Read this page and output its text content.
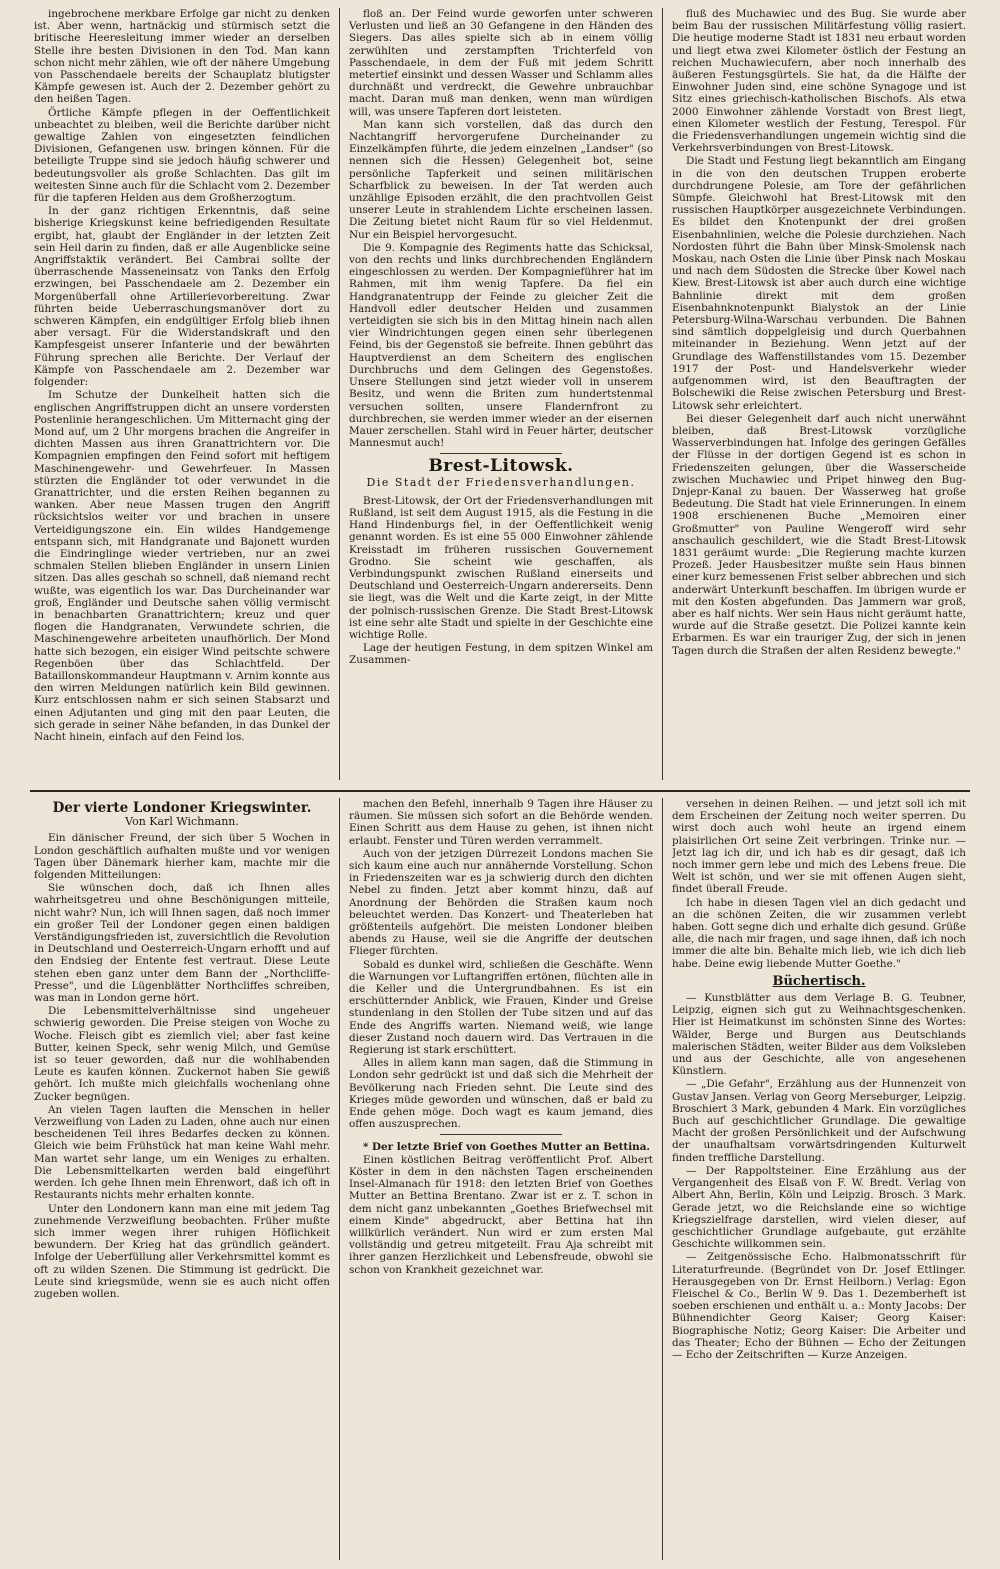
ingebrochene merkbare Erfolge gar nicht zu denken ist. Aber wenn, hartnäckig und stürmisch setzt die britische Heeresleitung immer wieder an derselben Stelle ihre besten Divisionen in den Tod. Man kann schon nicht mehr zählen, wie oft der nähere Umgebung von Passchendaele bereits der Schauplatz blutigster Kämpfe gewesen ist. Auch der 2. Dezember gehört zu den heißen Tagen.

Örtliche Kämpfe pflegen in der Oeffentlichkeit unbeachtet zu bleiben, weil die Berichte darüber nicht gewaltige Zahlen von eingesetzten feindlichen Divisionen, Gefangenen usw. bringen können. Für die beteiligte Truppe sind sie jedoch häufig schwerer und bedeutungsvoller als große Schlachten. Das gilt im weitesten Sinne auch für die Schlacht vom 2. Dezember für die tapferen Helden aus dem Großherzogtum.

In der ganz richtigen Erkenntnis, daß seine bisherige Kriegskunst keine befriedigenden Resultate ergibt, hat, glaubt der Engländer in der letzten Zeit sein Heil darin zu finden, daß er alle Augenblicke seine Angriffstaktik verändert. Bei Cambrai sollte der überraschende Masseneinsatz von Tanks den Erfolg erzwingen, bei Passchendaele am 2. Dezember ein Morgenüberfall ohne Artillerievorbereitung. Zwar führten beide Ueberraschungsmanöver dort zu schweren Kämpfen, ein endgültiger Erfolg blieb ihnen aber versagt. Für die Widerstandskraft und den Kampfesgeist unserer Infanterie und der bewährten Führung sprechen alle Berichte. Der Verlauf der Kämpfe von Passchendaele am 2. Dezember war folgender:

Im Schutze der Dunkelheit hatten sich die englischen Angriffstruppen dicht an unsere vordersten Postenlinie herangeschlichen. Um Mitternacht ging der Mond auf, um 2 Uhr morgens brachen die Angreifer in dichten Massen aus ihren Granattrichtern vor. Die Kompagnien empfingen den Feind sofort mit heftigem Maschinengewehr- und Gewehrfeuer. In Massen stürzten die Engländer tot oder verwundet in die Granattrichter, und die ersten Reihen begannen zu wanken. Aber neue Massen trugen den Angriff rücksichtslos weiter vor und brachen in unsere Verteidigungszone ein. Ein wildes Handgemenge entspann sich, mit Handgranate und Bajonett wurden die Eindringlinge wieder vertrieben, nur an zwei schmalen Stellen blieben Engländer in unsern Linien sitzen. Das alles geschah so schnell, daß niemand recht wußte, was eigentlich los war. Das Durcheinander war groß, Engländer und Deutsche sahen völlig vermischt in benachbarten Granattrichtern; kreuz und quer flogen die Handgranaten, Verwundete schrien, die Maschinengewehre arbeiteten unaufhörlich. Der Mond hatte sich bezogen, ein eisiger Wind peitschte schwere Regenböen über das Schlachtfeld. Der Bataillonskommandeur Hauptmann v. Arnim konnte aus den wirren Meldungen natürlich kein Bild gewinnen. Kurz entschlossen nahm er sich seinen Stabsarzt und einen Adjutanten und ging mit den paar Leuten, die sich gerade in seiner Nähe befanden, in das Dunkel der Nacht hinein, einfach auf den Feind los.

floß an. Der Feind wurde geworfen unter schweren Verlusten und ließ an 30 Gefangene in den Händen des Siegers. Das alles spielte sich ab in einem völlig zerwühlten und zerstampften Trichterfeld von Passchendaele, in dem der Fuß mit jedem Schritt metertief einsinkt und dessen Wasser und Schlamm alles durchnäßt und verdreckt, die Gewehre unbrauchbar macht. Daran muß man denken, wenn man würdigen will, was unsere Tapferen dort leisteten.

Man kann sich vorstellen, daß das durch den Nachtangriff hervorgerufene Durcheinander zu Einzelkämpfen führte, die jedem einzelnen „Landser" (so nennen sich die Hessen) Gelegenheit bot, seine persönliche Tapferkeit und seinen militärischen Scharfblick zu beweisen. In der Tat werden auch unzählige Episoden erzählt, die den prachtvollen Geist unserer Leute in strahlendem Lichte erscheinen lassen. Die Zeitung bietet nicht Raum für so viel Heldenmut. Nur ein Beispiel hervorgesucht.

Die 9. Kompagnie des Regiments hatte das Schicksal, von den rechts und links durchbrechenden Engländern eingeschlossen zu werden. Der Kompagnieführer hat im Rahmen, mit ihm wenig Tapfere. Da fiel ein Handgranatentrupp der Feinde zu gleicher Zeit die Handvoll edler deutscher Helden und zusammen verteidigten sie sich bis in den Mittag hinein nach allen vier Windrichtungen gegen einen sehr überlegenen Feind, bis der Gegenstoß sie befreite. Ihnen gebührt das Hauptverdienst an dem Scheitern des englischen Durchbruchs und dem Gelingen des Gegenstoßes. Unsere Stellungen sind jetzt wieder voll in unserem Besitz, und wenn die Briten zum hundertstenmal versuchen sollten, unsere Flandernfront zu durchbrechen, sie werden immer wieder an der eisernen Mauer zerschellen. Stahl wird in Feuer härter, deutscher Mannesmut auch!

Brest-Litowsk.
Die Stadt der Friedensverhandlungen.

Brest-Litowsk, der Ort der Friedensverhandlungen mit Rußland, ist seit dem August 1915, als die Festung in die Hand Hindenburgs fiel, in der Oeffentlichkeit wenig genannt worden. Es ist eine 55 000 Einwohner zählende Kreisstadt im früheren russischen Gouvernement Grodno. Sie scheint wie geschaffen, als Verbindungspunkt zwischen Rußland einerseits und Deutschland und Oesterreich-Ungarn andererseits. Denn sie liegt, was die Welt und die Karte zeigt, in der Mitte der polnisch-russischen Grenze. Die Stadt Brest-Litowsk ist eine sehr alte Stadt und spielte in der Geschichte eine wichtige Rolle.

Lage der heutigen Festung, in dem spitzen Winkel am Zusammen-

fluß des Muchawiec und des Bug. Sie wurde aber beim Bau der russischen Militärfestung völlig rasiert. Die heutige moderne Stadt ist 1831 neu erbaut worden und liegt etwa zwei Kilometer östlich der Festung an reichen Muchawiecufern, aber noch innerhalb des äußeren Festungsgürtels. Sie hat, da die Hälfte der Einwohner Juden sind, eine schöne Synagoge und ist Sitz eines griechisch-katholischen Bischofs. Als etwa 2000 Einwohner zählende Vorstadt von Brest liegt, einen Kilometer westlich der Festung, Terespol. Für die Friedensverhandlungen ungemein wichtig sind die Verkehrsverbindungen von Brest-Litowsk.

Die Stadt und Festung liegt bekanntlich am Eingang in die von den deutschen Truppen eroberte durchdrungene Polesie, am Tore der gefährlichen Sümpfe. Gleichwohl hat Brest-Litowsk mit den russischen Hauptkörper ausgezeichnete Verbindungen. Es bildet den Knotenpunkt der drei großen Eisenbahnlinien, welche die Polesie durchziehen. Nach Nordosten führt die Bahn über Minsk-Smolensk nach Moskau, nach Osten die Linie über Pinsk nach Moskau und nach dem Südosten die Strecke über Kowel nach Kiew. Brest-Litowsk ist aber auch durch eine wichtige Bahnlinie direkt mit dem großen Eisenbahnknotenpunkt Bialystok an der Linie Petersburg-Wilna-Warschau verbunden. Die Bahnen sind sämtlich doppelgleisig und durch Querbahnen miteinander in Beziehung. Wenn jetzt auf der Grundlage des Waffenstillstandes vom 15. Dezember 1917 der Post- und Handelsverkehr wieder aufgenommen wird, ist den Beauftragten der Bolschewiki die Reise zwischen Petersburg und Brest-Litowsk sehr erleichtert.

Bei dieser Gelegenheit darf auch nicht unerwähnt bleiben, daß Brest-Litowsk vorzügliche Wasserverbindungen hat. Infolge des geringen Gefälles der Flüsse in der dortigen Gegend ist es schon in Friedenszeiten gelungen, über die Wasserscheide zwischen Muchawiec und Pripet hinweg den Bug-Dnjepr-Kanal zu bauen. Der Wasserweg hat große Bedeutung. Die Stadt hat viele Erinnerungen. In einem 1908 erschienenen Buche „Memoiren einer Großmutter" von Pauline Wengeroff wird sehr anschaulich geschildert, wie die Stadt Brest-Litowsk 1831 geräumt wurde: „Die Regierung machte kurzen Prozeß. Jeder Hausbesitzer mußte sein Haus binnen einer kurz bemessenen Frist selber abbrechen und sich anderwärt Unterkunft beschaffen. Im übrigen wurde er mit den Kosten abgefunden. Das Jammern war groß, aber es half nichts. Wer sein Haus nicht geräumt hatte, wurde auf die Straße gesetzt. Die Polizei kannte kein Erbarmen. Es war ein trauriger Zug, der sich in jenen Tagen durch die Straßen der alten Residenz bewegte."

Der vierte Londoner Kriegswinter.
Von Karl Wichmann.

Ein dänischer Freund, der sich über 5 Wochen in London geschäftlich aufhalten mußte und vor wenigen Tagen über Dänemark hierher kam, machte mir die folgenden Mitteilungen:

Sie wünschen doch, daß ich Ihnen alles wahrheitsgetreu und ohne Beschönigungen mitteile, nicht wahr? Nun, ich will Ihnen sagen, daß noch immer ein großer Teil der Londoner gegen einen baldigen Verständigungsfrieden ist, zuversichtlich die Revolution in Deutschland und Oesterreich-Ungarn erhofft und auf den Endsieg der Entente fest vertraut. Diese Leute stehen eben ganz unter dem Bann der „Northcliffe-Presse", und die Lügenblätter Northcliffes schreiben, was man in London gerne hört.

Die Lebensmittelverhältnisse sind ungeheuer schwierig geworden. Die Preise steigen von Woche zu Woche. Fleisch gibt es ziemlich viel; aber fast keine Butter, keinen Speck, sehr wenig Milch, und Gemüse ist so teuer geworden, daß nur die wohlhabenden Leute es kaufen können. Zuckernot haben Sie gewiß gehört. Ich mußte mich gleichfalls wochenlang ohne Zucker begnügen.

An vielen Tagen lauften die Menschen in heller Verzweiflung von Laden zu Laden, ohne auch nur einen bescheidenen Teil ihres Bedarfes decken zu können. Gleich wie beim Frühstück hat man keine Wahl mehr. Man wartet sehr lange, um ein Weniges zu erhalten. Die Lebensmittelkarten werden bald eingeführt werden. Ich gehe Ihnen mein Ehrenwort, daß ich oft in Restaurants nichts mehr erhalten konnte.

Unter den Londonern kann man eine mit jedem Tag zunehmende Verzweiflung beobachten. Früher mußte sich immer wegen ihrer ruhigen Höflichkeit bewundern. Der Krieg hat das gründlich geändert. Infolge der Ueberfüllung aller Verkehrsmittel kommt es oft zu wilden Szenen. Die Stimmung ist gedrückt. Die Leute sind kriegsmüde, wenn sie es auch nicht offen zugeben wollen.

machen den Befehl, innerhalb 9 Tagen ihre Häuser zu räumen. Sie müssen sich sofort an die Behörde wenden. Einen Schritt aus dem Hause zu gehen, ist ihnen nicht erlaubt. Fenster und Türen werden verrammelt.

Auch von der jetzigen Dürrezeit Londons machen Sie sich kaum eine auch nur annähernde Vorstellung. Schon in Friedenszeiten war es ja schwierig durch den dichten Nebel zu finden. Jetzt aber kommt hinzu, daß auf Anordnung der Behörden die Straßen kaum noch beleuchtet werden. Das Konzert- und Theaterleben hat größtenteils aufgehört. Die meisten Londoner bleiben abends zu Hause, weil sie die Angriffe der deutschen Flieger fürchten.

Sobald es dunkel wird, schließen die Geschäfte. Wenn die Warnungen vor Luftangriffen ertönen, flüchten alle in die Keller und die Untergrundbahnen. Es ist ein erschütternder Anblick, wie Frauen, Kinder und Greise stundenlang in den Stollen der Tube sitzen und auf das Ende des Angriffs warten. Niemand weiß, wie lange dieser Zustand noch dauern wird. Das Vertrauen in die Regierung ist stark erschüttert.

Alles in allem kann man sagen, daß die Stimmung in London sehr gedrückt ist und daß sich die Mehrheit der Bevölkerung nach Frieden sehnt. Die Leute sind des Krieges müde geworden und wünschen, daß er bald zu Ende gehen möge. Doch wagt es kaum jemand, dies offen auszusprechen.

* Der letzte Brief von Goethes Mutter an Bettina.

Einen köstlichen Beitrag veröffentlicht Prof. Albert Köster in dem in den nächsten Tagen erscheinenden Insel-Almanach für 1918: den letzten Brief von Goethes Mutter an Bettina Brentano. Zwar ist er z. T. schon in dem nicht ganz unbekannten „Goethes Briefwechsel mit einem Kinde" abgedruckt, aber Bettina hat ihn willkürlich verändert. Nun wird er zum ersten Mal vollständig und getreu mitgeteilt. Frau Aja schreibt mit ihrer ganzen Herzlichkeit und Lebensfreude, obwohl sie schon von Krankheit gezeichnet war.

versehen in deinen Reihen. — und jetzt soll ich mit dem Erscheinen der Zeitung noch weiter sperren. Du wirst doch auch wohl heute an irgend einem plaisirlichen Ort seine Zeit verbringen. Trinke nur. — Jetzt lag ich dir, und ich hab es dir gesagt, daß ich noch immer gern lebe und mich des Lebens freue. Die Welt ist schön, und wer sie mit offenen Augen sieht, findet überall Freude.

Ich habe in diesen Tagen viel an dich gedacht und an die schönen Zeiten, die wir zusammen verlebt haben. Gott segne dich und erhalte dich gesund. Grüße alle, die nach mir fragen, und sage ihnen, daß ich noch immer die alte bin. Behalte mich lieb, wie ich dich lieb habe. Deine ewig liebende Mutter Goethe."

Büchertisch.

— Kunstblätter aus dem Verlage B. G. Teubner, Leipzig, eignen sich gut zu Weihnachtsgeschenken. Hier ist Heimatkunst im schönsten Sinne des Wortes: Wälder, Berge und Burgen aus Deutschlands malerischen Städten, weiter Bilder aus dem Volksleben und aus der Geschichte, alle von angesehenen Künstlern.

— „Die Gefahr", Erzählung aus der Hunnenzeit von Gustav Jansen. Verlag von Georg Merseburger, Leipzig. Broschiert 3 Mark, gebunden 4 Mark. Ein vorzügliches Buch auf geschichtlicher Grundlage. Die gewaltige Macht der großen Persönlichkeit und der Aufschwung der unaufhaltsam vorwärtsdringenden Kulturwelt finden treffliche Darstellung.

— Der Rappoltsteiner. Eine Erzählung aus der Vergangenheit des Elsaß von F. W. Bredt. Verlag von Albert Ahn, Berlin, Köln und Leipzig. Brosch. 3 Mark. Gerade jetzt, wo die Reichslande eine so wichtige Kriegszielfrage darstellen, wird vielen dieser, auf geschichtlicher Grundlage aufgebaute, gut erzählte Geschichte willkommen sein.

— Zeitgenössische Echo. Halbmonatsschrift für Literaturfreunde. (Begründet von Dr. Josef Ettlinger. Herausgegeben von Dr. Ernst Heilborn.) Verlag: Egon Fleischel & Co., Berlin W 9. Das 1. Dezemberheft ist soeben erschienen und enthält u. a.: Monty Jacobs: Der Bühnendichter Georg Kaiser; Georg Kaiser: Biographische Notiz; Georg Kaiser: Die Arbeiter und das Theater; Echo der Bühnen — Echo der Zeitungen — Echo der Zeitschriften — Kurze Anzeigen.
